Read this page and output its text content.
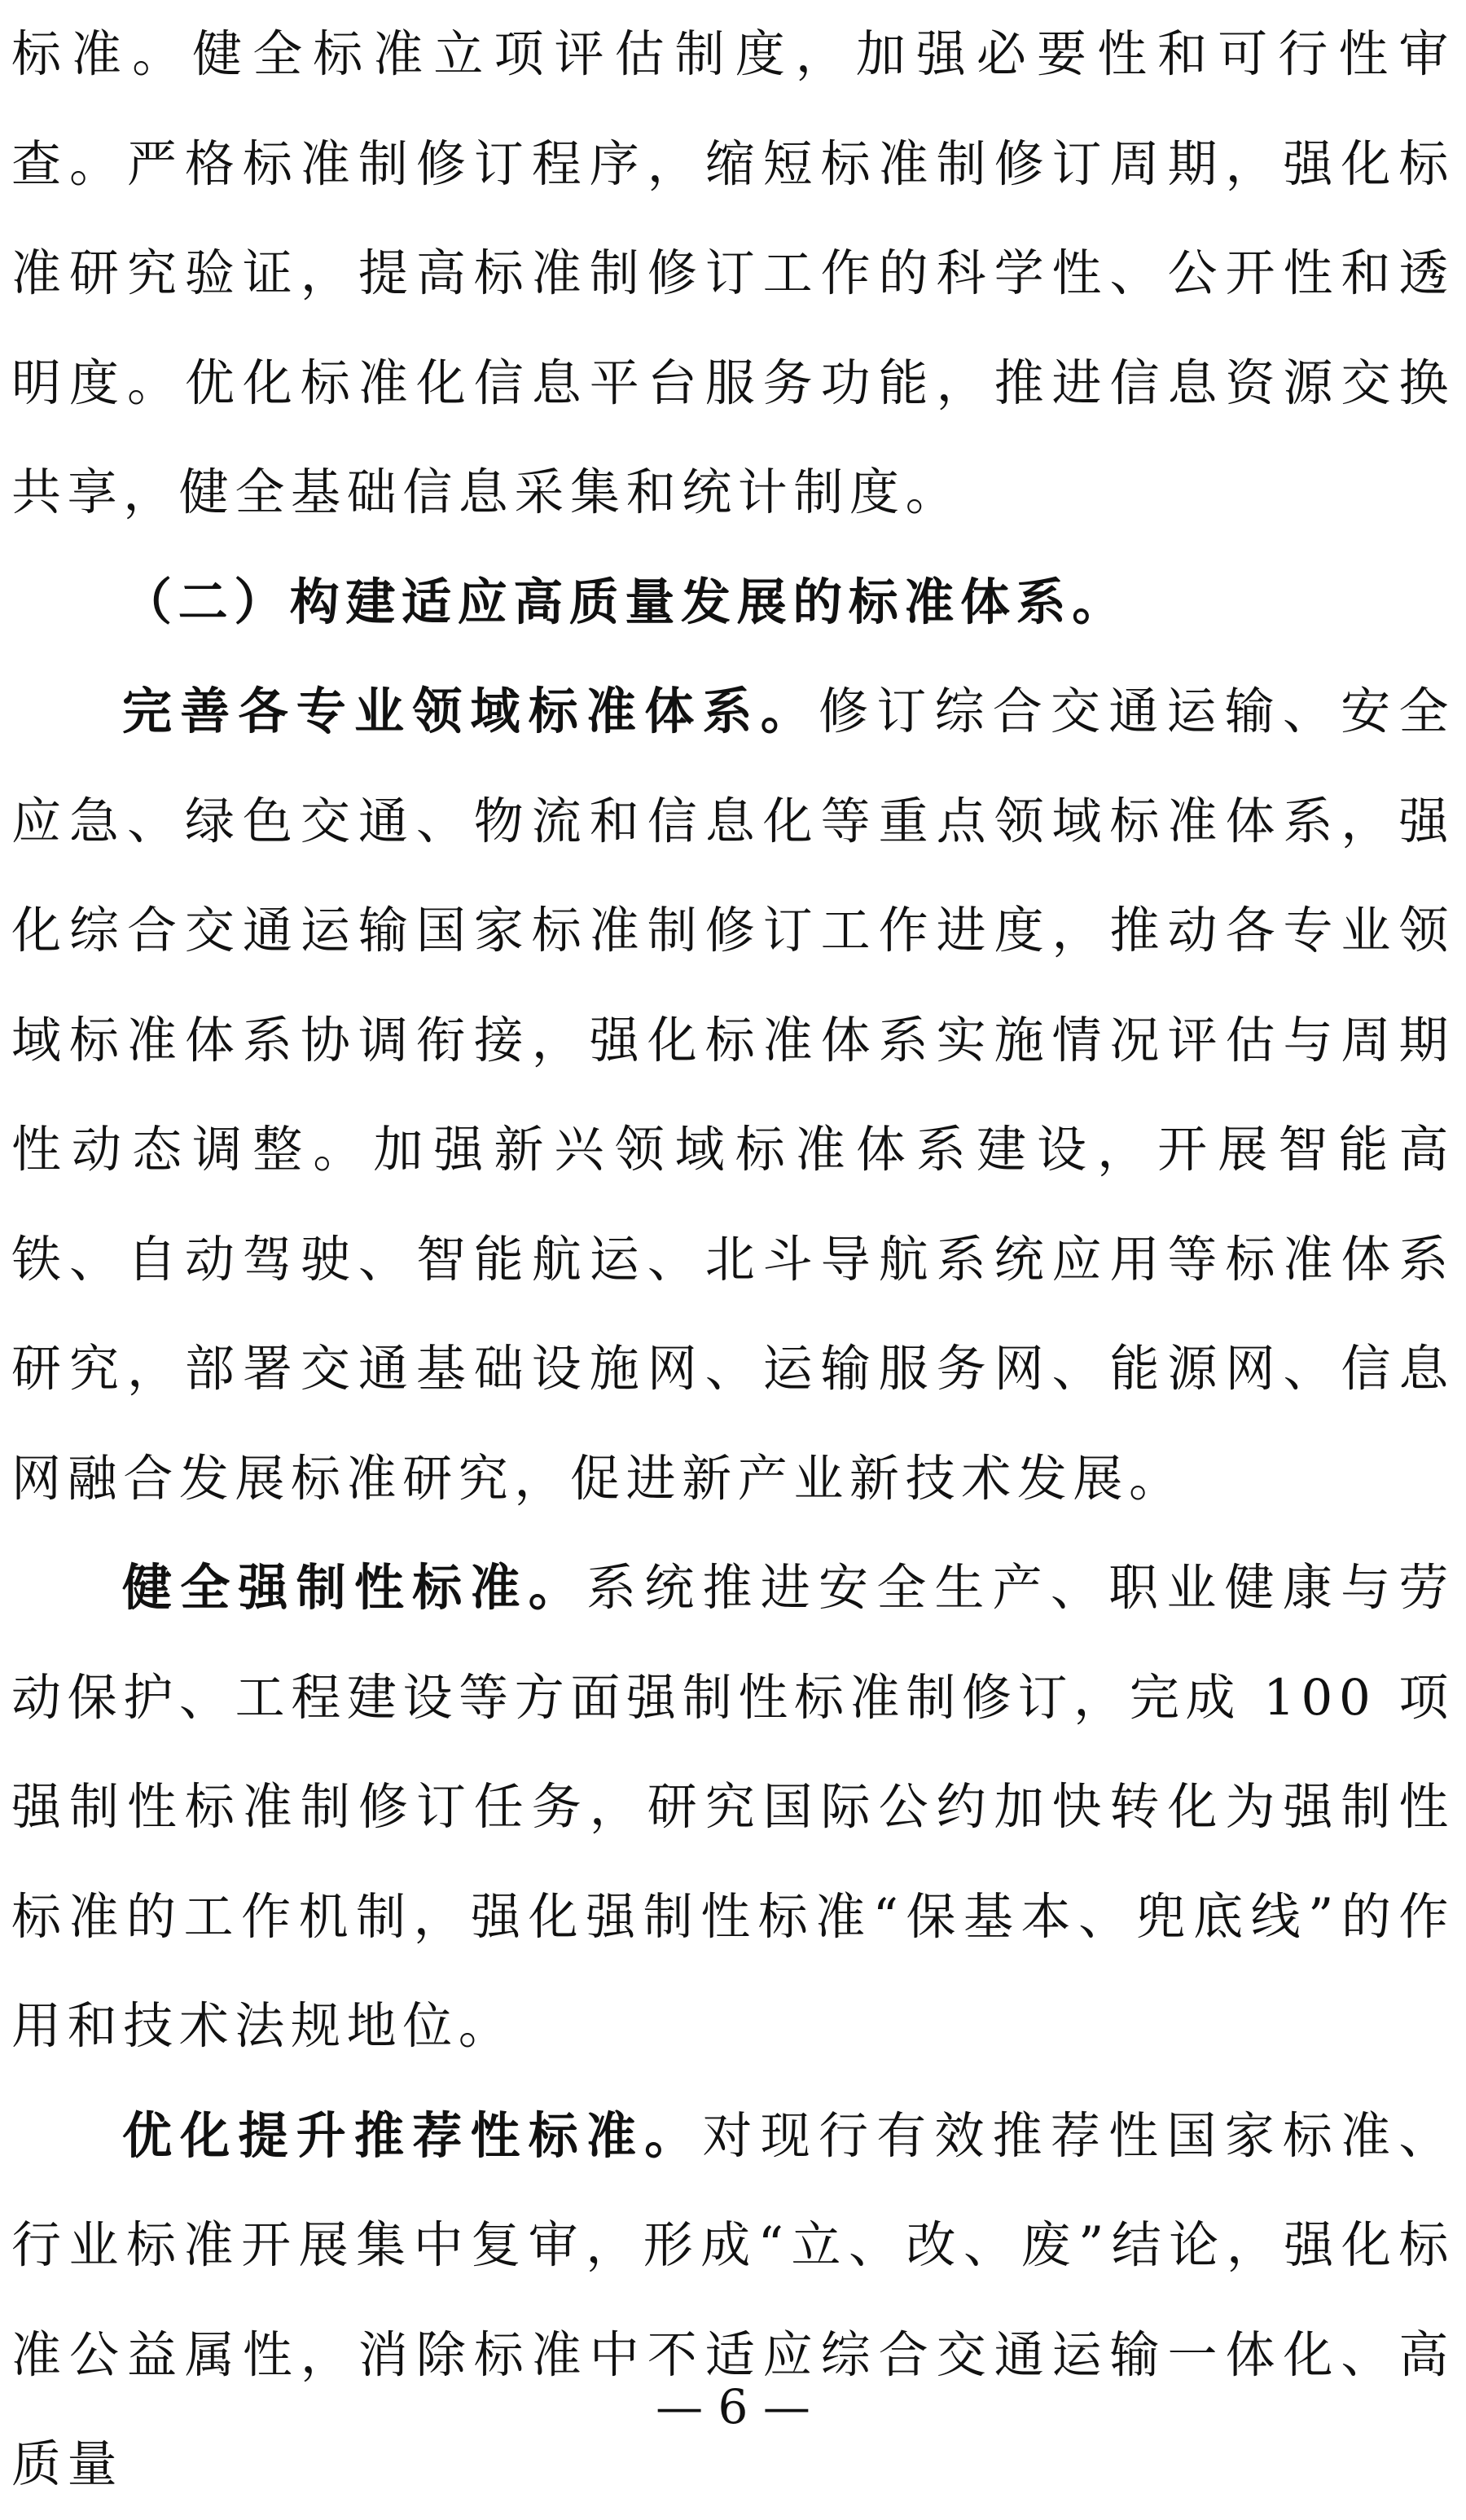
标准。健全标准立项评估制度，加强必要性和可行性审查。严格标准制修订程序，缩短标准制修订周期，强化标准研究验证，提高标准制修订工作的科学性、公开性和透明度。优化标准化信息平台服务功能，推进信息资源交换共享，健全基础信息采集和统计制度。

（二）构建适应高质量发展的标准体系。

完善各专业领域标准体系。修订综合交通运输、安全应急、绿色交通、物流和信息化等重点领域标准体系，强化综合交通运输国家标准制修订工作进度，推动各专业领域标准体系协调衔接，强化标准体系实施情况评估与周期性动态调整。加强新兴领域标准体系建设，开展智能高铁、自动驾驶、智能航运、北斗导航系统应用等标准体系研究，部署交通基础设施网、运输服务网、能源网、信息网融合发展标准研究，促进新产业新技术发展。

健全强制性标准。系统推进安全生产、职业健康与劳动保护、工程建设等方面强制性标准制修订，完成 100 项强制性标准制修订任务，研究国际公约加快转化为强制性标准的工作机制，强化强制性标准“保基本、兜底线”的作用和技术法规地位。

优化提升推荐性标准。对现行有效推荐性国家标准、行业标准开展集中复审，形成“立、改、废”结论，强化标准公益属性，消除标准中不适应综合交通运输一体化、高质量

— 6 —
